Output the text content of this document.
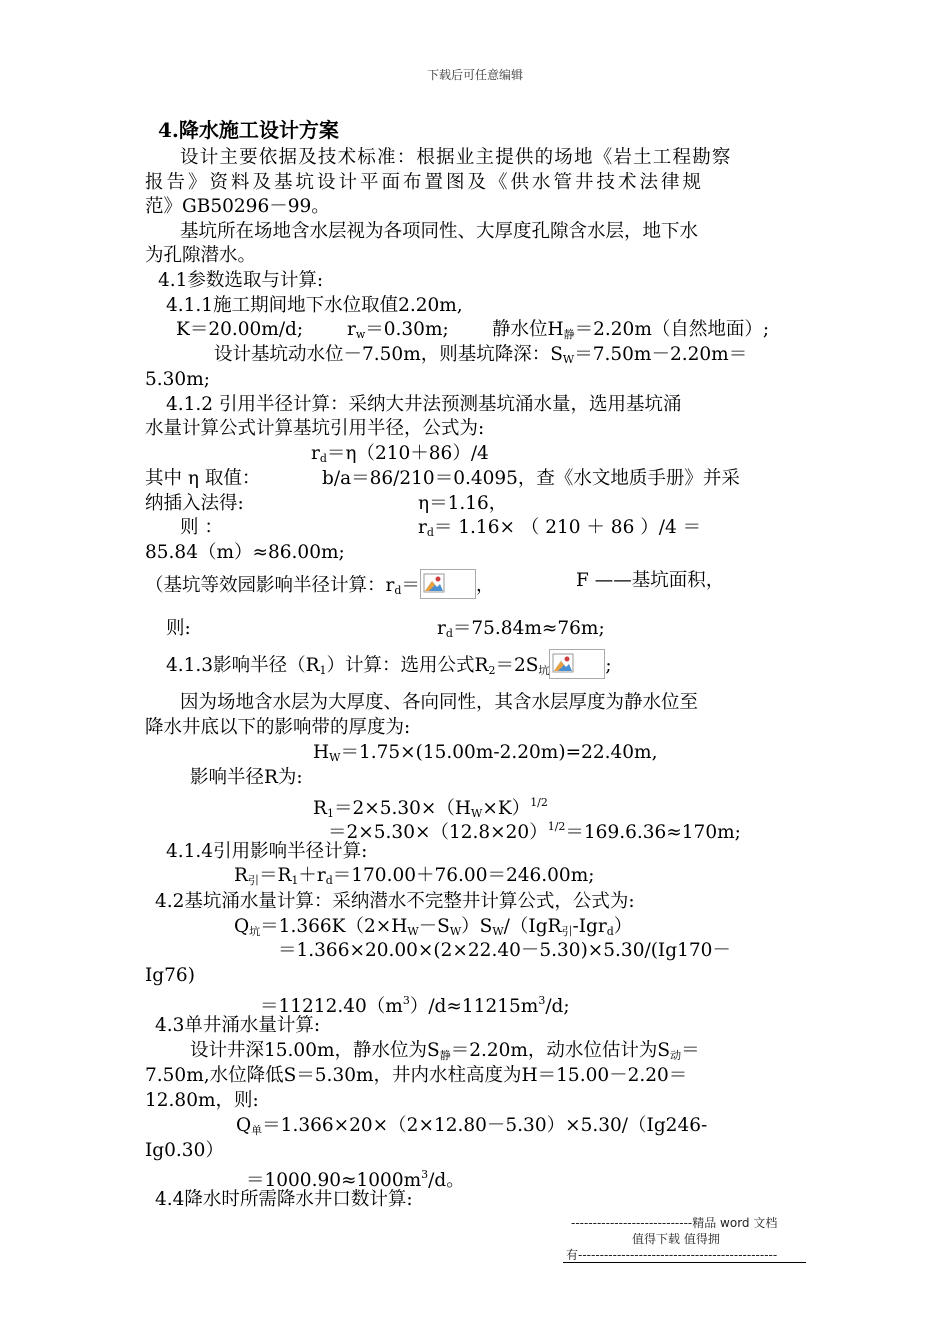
下载后可任意编辑
4.降水施工设计方案
设计主要依据及技术标准：根据业主提供的场地《岩土工程勘察
报告》资料及基坑设计平面布置图及《供水管井技术法律规
范》GB50296－99。
基坑所在场地含水层视为各项同性、大厚度孔隙含水层，地下水
为孔隙潜水。
4.1参数选取与计算:
4.1.1施工期间地下水位取值2.20m,
K＝20.00m/d; $r_w=0.30m$; 静水位$H_静=2.20m$（自然地面）;
设计基坑动水位－7.50m，则基坑降深：$S_W=7.50m-2.20m=$
5.30m;
4.1.2 引用半径计算：采纳大井法预测基坑涌水量，选用基坑涌
水量计算公式计算基坑引用半径，公式为:
$r_d=\eta(210+86)/4$
其中 η 取值：	b/a＝86/210＝0.4095，查《水文地质手册》并采
纳插入法得:	η＝1.16，
则 ：	$r_d= 1.16\times$ （ 210 ＋ 86 ）/4 ＝
85.84（m）≈86.00m;
（基坑等效园影响半径计算：$r_d=$	，	F ——基坑面积，
则:	$r_d=75.84m\approx 76m$;
4.1.3影响半径$(R_1)$计算：选用公式$R_2=2S_坑$	;
因为场地含水层为大厚度、各向同性，其含水层厚度为静水位至
降水井底以下的影响带的厚度为:
$H_W=1.75\times(15.00m-2.20m)=22.40m$,
影响半径R为:
$R_1=2\times 5.30\times(H_W\times K)^{1/2}$
$=2\times 5.30\times(12.8\times 20)^{1/2}=169.6.36\approx 170m$;
4.1.4引用影响半径计算:
$R_引=R_1+r_d=170.00+76.00=246.00m$;
4.2基坑涌水量计算：采纳潜水不完整井计算公式，公式为:
$Q_坑=1.366K(2\times H_W-S_W)S_W/(IgR_引-Igr_d)$
＝1.366×20.00×(2×22.40－5.30)×5.30/(Ig170－
Ig76)
$=11212.40(m^3)/d\approx 11215m^3/d$;
4.3单井涌水量计算:
设计井深15.00m，静水位为$S_静=2.20m$，动水位估计为$S_动=$
7.50m,水位降低S＝5.30m，井内水柱高度为H＝15.00－2.20＝
12.80m，则:
$Q_单=1.366\times 20\times(2\times 12.80-5.30)\times 5.30/(Ig246-$
Ig0.30）
$=1000.90\approx 1000m^3/d$。
4.4降水时所需降水井口数计算:
----------------------------精品 word 文档
值得下载 值得拥
有----------------------------------------------
